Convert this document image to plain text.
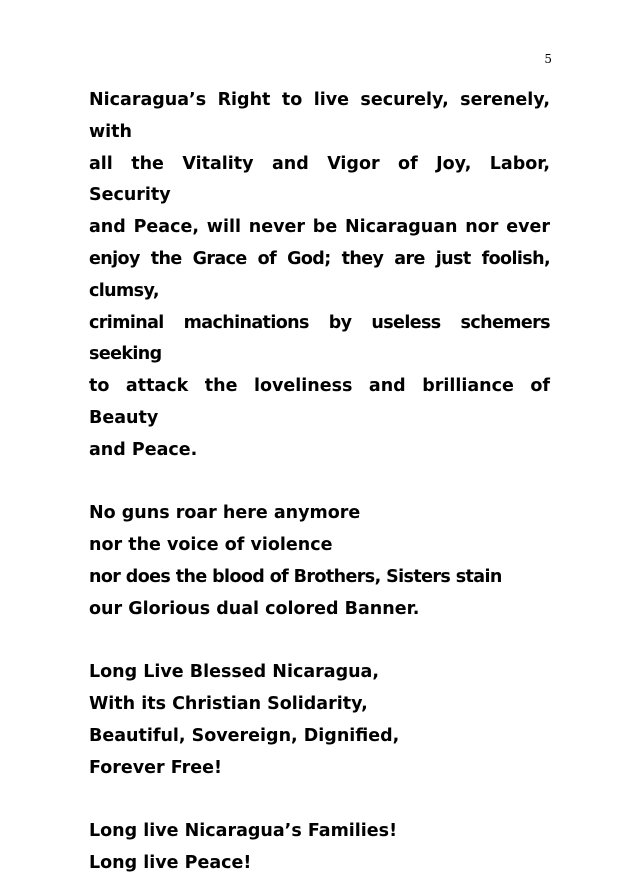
5
Nicaragua’s Right to live securely, serenely, with
all the Vitality and Vigor of Joy, Labor, Security
and Peace, will never be Nicaraguan nor ever
enjoy the Grace of God; they are just foolish, clumsy,
criminal machinations by useless schemers seeking
to attack the loveliness and brilliance of Beauty
and Peace.
No guns roar here anymore
nor the voice of violence
nor does the blood of Brothers, Sisters stain
our Glorious dual colored Banner.
Long Live Blessed Nicaragua,
With its Christian Solidarity,
Beautiful, Sovereign, Dignified,
Forever Free!
Long live Nicaragua’s Families!
Long live Peace!
